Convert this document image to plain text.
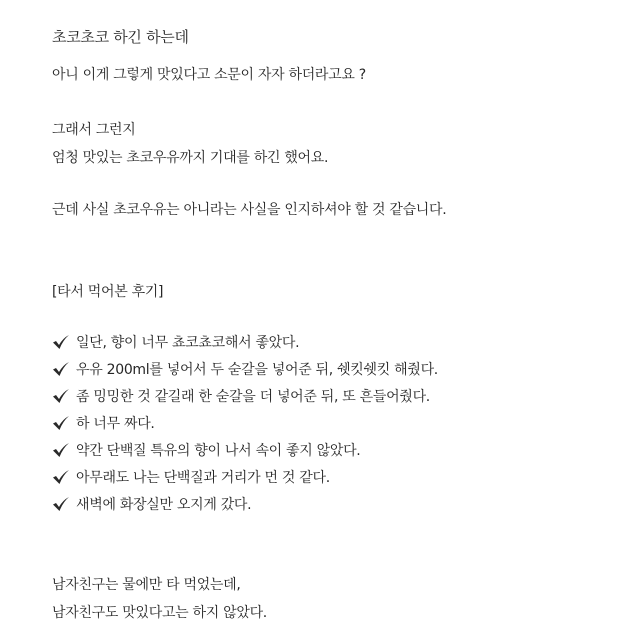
초코초코 하긴 하는데
아니 이게 그렇게 맛있다고 소문이 자자 하더라고요 ?
그래서 그런지
엄청 맛있는 초코우유까지 기대를 하긴 했어요.
근데 사실 초코우유는 아니라는 사실을 인지하셔야 할 것 같습니다.
[타서 먹어본 후기]
일단, 향이 너무 쵸코쵸코해서 좋았다.
우유 200ml를 넣어서 두 숟갈을 넣어준 뒤, 쉣킷쉣킷 해줬다.
좀 밍밍한 것 같길래 한 숟갈을 더 넣어준 뒤, 또 흔들어줬다.
하 너무 짜다.
약간 단백질 특유의 향이 나서 속이 좋지 않았다.
아무래도 나는 단백질과 거리가 먼 것 같다.
새벽에 화장실만 오지게 갔다.
남자친구는 물에만 타 먹었는데,
남자친구도 맛있다고는 하지 않았다.
